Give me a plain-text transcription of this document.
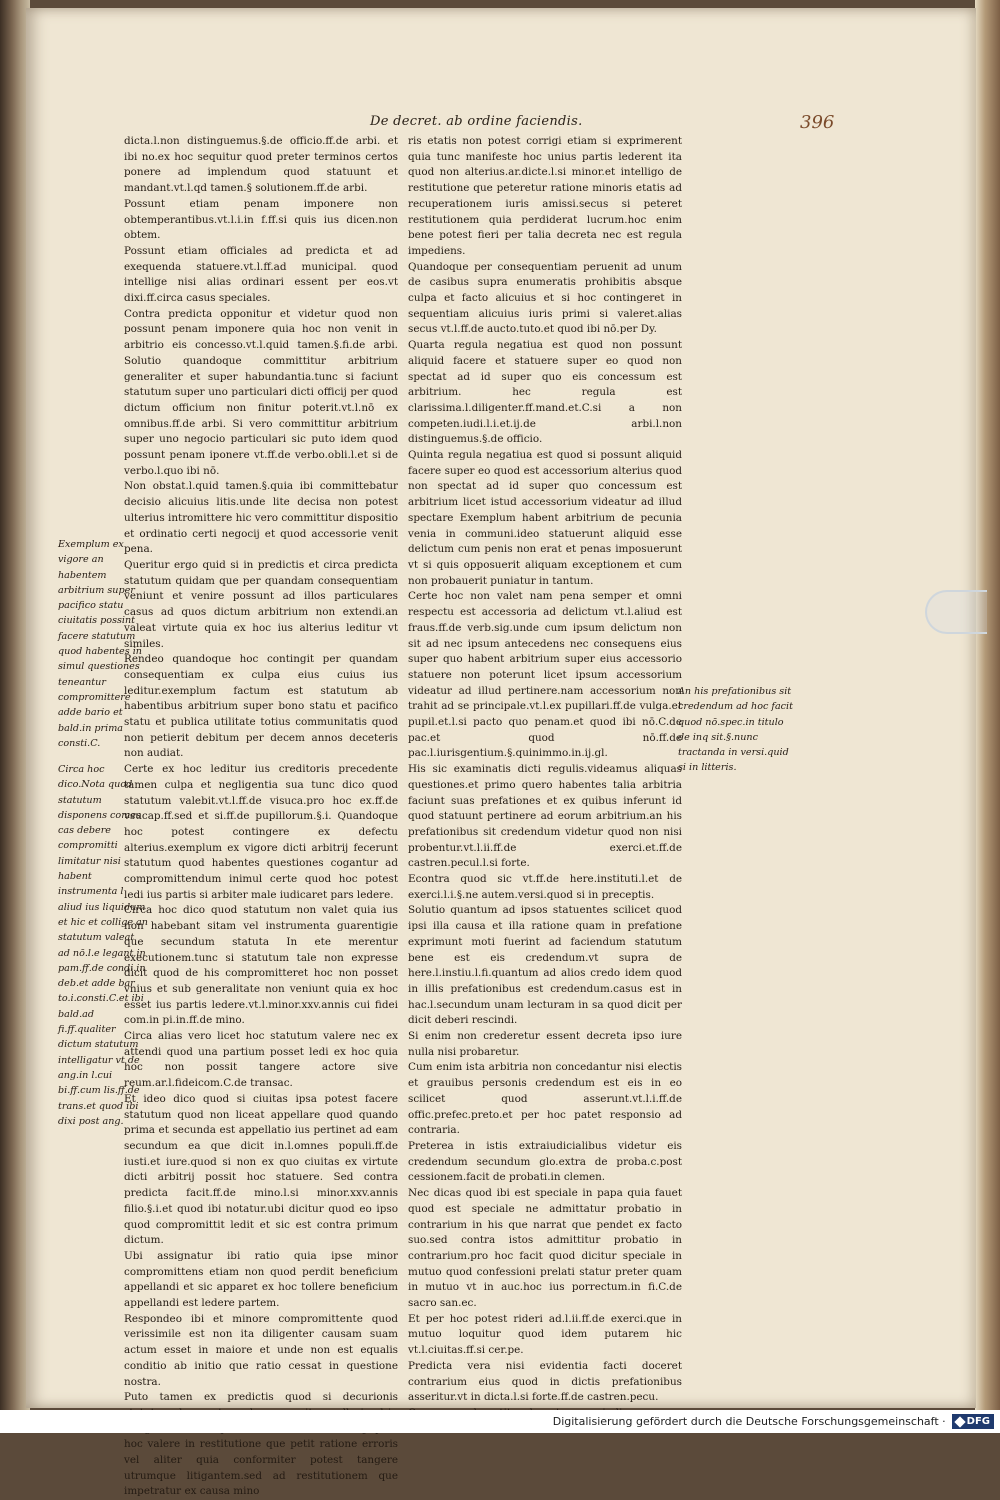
De decret. ab ordine faciendis.	396

dicta.l.non distinguemus.§.de officio.ff.de arbi. et ibi no.ex hoc sequitur quod preter terminos certos ponere ad implendum quod statuunt et mandant.vt.l.qd tamen.§ solutionem.ff.de arbi.

Possunt etiam penam imponere non obtemperantibus.vt.l.i.in f.ff.si quis ius dicen.non obtem.

Possunt etiam officiales ad predicta et ad exequenda statuere.vt.l.ff.ad municipal. quod intellige nisi alias ordinari essent per eos.vt dixi.ff.circa casus speciales.

Contra predicta opponitur et videtur quod non possunt penam imponere quia hoc non venit in arbitrio eis concesso.vt.l.quid tamen.§.fi.de arbi. Solutio quandoque committitur arbitrium generaliter et super habundantia.tunc si faciunt statutum super uno particulari dicti officij per quod dictum officium non finitur poterit.vt.l.nō ex omnibus.ff.de arbi. Si vero committitur arbitrium super uno negocio particulari sic puto idem quod possunt penam iponere vt.ff.de verbo.obli.l.et si de verbo.l.quo ibi nō.

Non obstat.l.quid tamen.§.quia ibi committebatur decisio alicuius litis.unde lite decisa non potest ulterius intromittere hic vero committitur dispositio et ordinatio certi negocij et quod accessorie venit pena.

Queritur ergo quid si in predictis et circa predicta statutum quidam que per quandam consequentiam veniunt et venire possunt ad illos particulares casus ad quos dictum arbitrium non extendi.an valeat virtute quia ex hoc ius alterius leditur vt similes.

Rendeo quandoque hoc contingit per quandam consequentiam ex culpa eius cuius ius leditur.exemplum factum est statutum ab habentibus arbitrium super bono statu et pacifico statu et publica utilitate totius communitatis quod non petierit debitum per decem annos deceteris non audiat.

Certe ex hoc leditur ius creditoris precedente tamen culpa et negligentia sua tunc dico quod statutum valebit.vt.l.ff.de visuca.pro hoc ex.ff.de vsucap.ff.sed et si.ff.de pupillorum.§.i. Quandoque hoc potest contingere ex defectu alterius.exemplum ex vigore dicti arbitrij fecerunt statutum quod habentes questiones cogantur ad compromittendum inimul certe quod hoc potest ledi ius partis si arbiter male iudicaret pars ledere.

Circa hoc dico quod statutum non valet quia ius non habebant sitam vel instrumenta guarentigie que secundum statuta In ete merentur executionem.tunc si statutum tale non expresse dicit quod de his compromitteret hoc non posset vnius et sub generalitate non veniunt quia ex hoc esset ius partis ledere.vt.l.minor.xxv.annis cui fidei com.in pi.in.ff.de mino.

Circa alias vero licet hoc statutum valere nec ex attendi quod una partium posset ledi ex hoc quia hoc non possit tangere actore sive reum.ar.l.fideicom.C.de transac.

Et ideo dico quod si ciuitas ipsa potest facere statutum quod non liceat appellare quod quando prima et secunda est appellatio ius pertinet ad eam secundum ea que dicit in.l.omnes populi.ff.de iusti.et iure.quod si non ex quo ciuitas ex virtute dicti arbitrij possit hoc statuere. Sed contra predicta facit.ff.de mino.l.si minor.xxv.annis filio.§.i.et quod ibi notatur.ubi dicitur quod eo ipso quod compromittit ledit et sic est contra primum dictum.

Ubi assignatur ibi ratio quia ipse minor compromittens etiam non quod perdit beneficium appellandi et sic apparet ex hoc tollere beneficium appellandi est ledere partem.

Respondeo ibi et minore compromittente quod verissimile est non ita diligenter causam suam actum esset in maiore et unde non est equalis conditio ab initio que ratio cessat in questione nostra.

Puto tamen ex predictis quod si decurionis hoc valere in restitutione que petit ratione erroris vel aliter quia conformiter potest tangere utrumque litigantem.sed ad restitutionem que impetratur ex causa mino

ris etatis non potest corrigi etiam si exprimerent quia tunc manifeste hoc unius partis lederent ita quod non alterius.ar.dicte.l.si minor.et intelligo de restitutione que peteretur ratione minoris etatis ad recuperationem iuris amissi.secus si peteret restitutionem quia perdiderat lucrum.hoc enim bene potest fieri per talia decreta nec est regula impediens.

Quandoque per consequentiam peruenit ad unum de casibus supra enumeratis prohibitis absque culpa et facto alicuius et si hoc contingeret in sequentiam alicuius iuris primi si valeret.alias secus vt.l.ff.de aucto.tuto.et quod ibi nō.per Dy.

Quarta regula negatiua est quod non possunt aliquid facere et statuere super eo quod non spectat ad id super quo eis concessum est arbitrium. hec regula est clarissima.l.diligenter.ff.mand.et.C.si a non competen.iudi.l.i.et.ij.de arbi.l.non distinguemus.§.de officio.

Quinta regula negatiua est quod si possunt aliquid facere super eo quod est accessorium alterius quod non spectat ad id super quo concessum est arbitrium licet istud accessorium videatur ad illud spectare Exemplum habent arbitrium de pecunia venia in communi.ideo statuerunt aliquid esse delictum cum penis non erat et penas imposuerunt vt si quis opposuerit aliquam exceptionem et cum non probauerit puniatur in tantum.

Certe hoc non valet nam pena semper et omni respectu est accessoria ad delictum vt.l.aliud est fraus.ff.de verb.sig.unde cum ipsum delictum non sit ad nec ipsum antecedens nec consequens eius super quo habent arbitrium super eius accessorio statuere non poterunt licet ipsum accessorium videatur ad illud pertinere.nam accessorium non trahit ad se principale.vt.l.ex pupillari.ff.de vulga.et pupil.et.l.si pacto quo penam.et quod ibi nō.C.de pac.et quod nō.ff.de pac.l.iurisgentium.§.quinimmo.in.ij.gl.

His sic examinatis dicti regulis.videamus aliquas questiones.et primo quero habentes talia arbitria faciunt suas prefationes et ex quibus inferunt id quod statuunt pertinere ad eorum arbitrium.an his prefationibus sit credendum videtur quod non nisi probentur.vt.l.ii.ff.de exerci.et.ff.de castren.pecul.l.si forte.

Econtra quod sic vt.ff.de here.instituti.l.et de exerci.l.i.§.ne autem.versi.quod si in preceptis.

Solutio quantum ad ipsos statuentes scilicet quod ipsi illa causa et illa ratione quam in prefatione exprimunt moti fuerint ad faciendum statutum bene est eis credendum.vt supra de here.l.instiu.l.fi.quantum ad alios credo idem quod in illis prefationibus est credendum.casus est in hac.l.secundum unam lecturam in sa quod dicit per dicit deberi rescindi.

Si enim non crederetur essent decreta ipso iure nulla nisi probaretur.

Cum enim ista arbitria non concedantur nisi electis et grauibus personis credendum est eis in eo scilicet quod asserunt.vt.l.i.ff.de offic.prefec.preto.et per hoc patet responsio ad contraria.

Preterea in istis extraiudicialibus videtur eis credendum secundum glo.extra de proba.c.post cessionem.facit de probati.in clemen.

Nec dicas quod ibi est speciale in papa quia fauet quod est speciale ne admittatur probatio in contrarium in his que narrat que pendet ex facto suo.sed contra istos admittitur probatio in contrarium.pro hoc facit quod dicitur speciale in mutuo quod confessioni prelati statur preter quam in mutuo vt in auc.hoc ius porrectum.in fi.C.de sacro san.ec.

Et per hoc potest rideri ad.l.ii.ff.de exerci.que in mutuo loquitur quod idem putarem hic vt.l.ciuitas.ff.si cer.pe.

Predicta vera nisi evidentia facti doceret contrarium eius quod in dictis prefationibus asseritur.vt in dicta.l.si forte.ff.de castren.pecu.

Exemplum ex vigore an habentem arbitrium super pacifico statu ciuitatis possint facere statutum quod habentes in simul questiones teneantur compromittere adde bario et bald.in prima consti.C.
Circa hoc dico.Nota quod statutum disponens comes cas debere compromitti limitatur nisi habent instrumenta l aliud ius liquidum et hic et collige an statutum valeat ad nō.l.e legant in pam.ff.de condi.in deb.et adde bar to.i.consti.C.et ibi bald.ad fi.ff.qualiter dictum statutum intelligatur vt de ang.in l.cui bi.ff.cum lis.ff.de trans.et quod ibi dixi post ang.
An his prefationibus sit credendum ad hoc facit quod nō.spec.in titulo de inq sit.§.nunc tractanda in versi.quid si in litteris.
Digitalisierung gefördert durch die Deutsche Forschungsgemeinschaft · DFG
